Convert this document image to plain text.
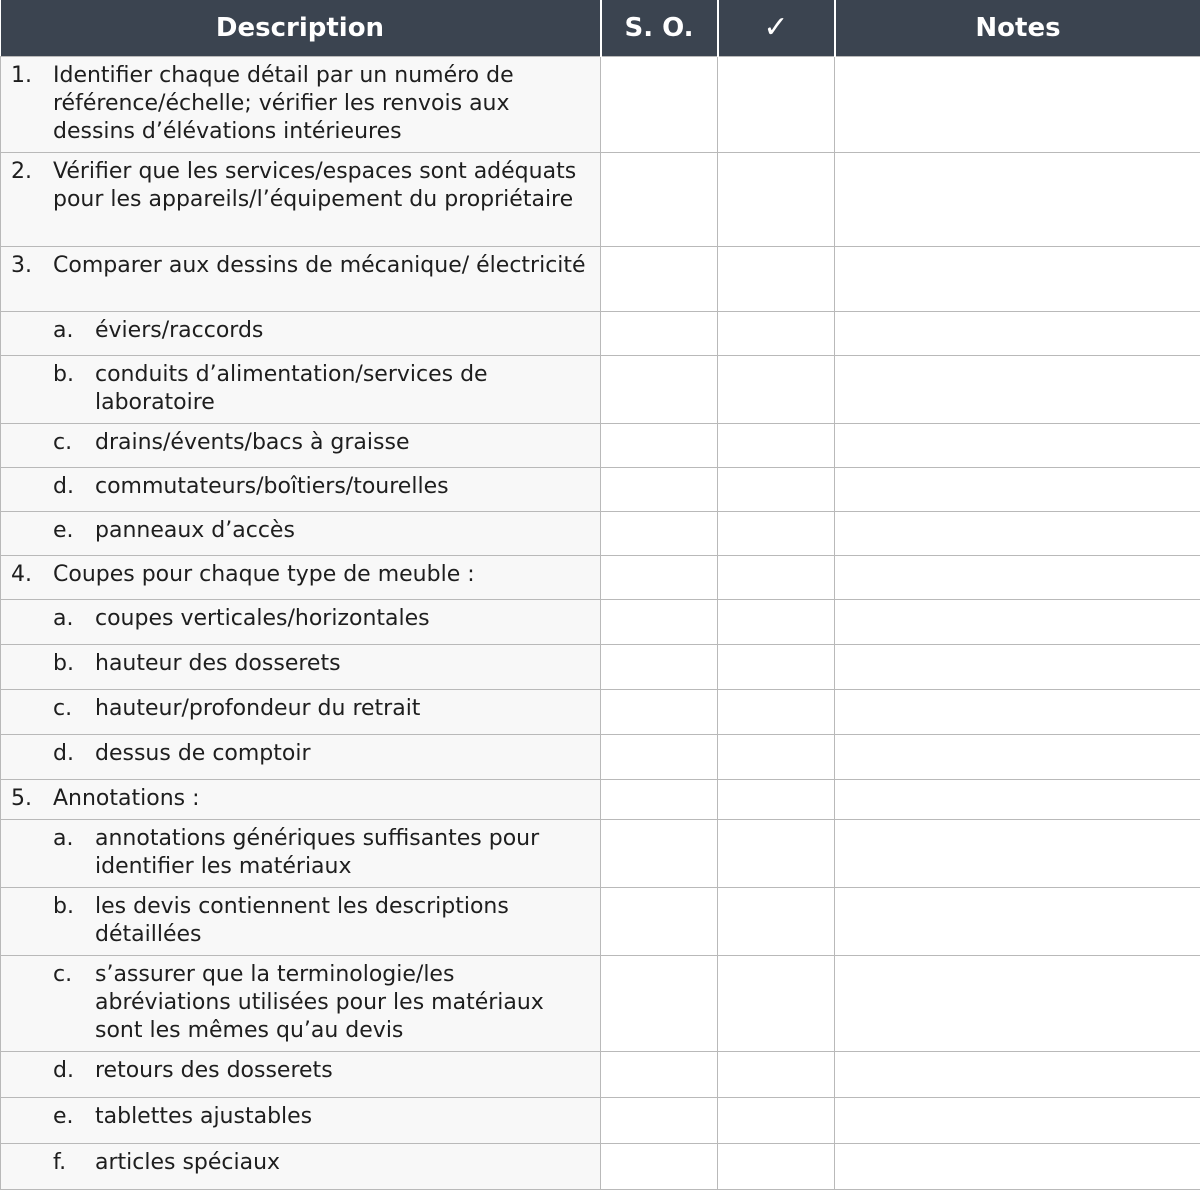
Description	S. O.	✓	Notes

1. Identifier chaque détail par un numéro de référence/échelle; vérifier les renvois aux dessins d’élévations intérieures			

2. Vérifier que les services/espaces sont adéquats pour les appareils/l’équipement du propriétaire			

3. Comparer aux dessins de mécanique/ électricité			

a. éviers/raccords			

b. conduits d’alimentation/services de laboratoire			

c. drains/évents/bacs à graisse			

d. commutateurs/boîtiers/tourelles			

e. panneaux d’accès			

4. Coupes pour chaque type de meuble :			

a. coupes verticales/horizontales			

b. hauteur des dosserets			

c. hauteur/profondeur du retrait			

d. dessus de comptoir			

5. Annotations :			

a. annotations génériques suffisantes pour identifier les matériaux			

b. les devis contiennent les descriptions détaillées			

c. s’assurer que la terminologie/les abréviations utilisées pour les matériaux sont les mêmes qu’au devis			

d. retours des dosserets			

e. tablettes ajustables			

f. articles spéciaux			
